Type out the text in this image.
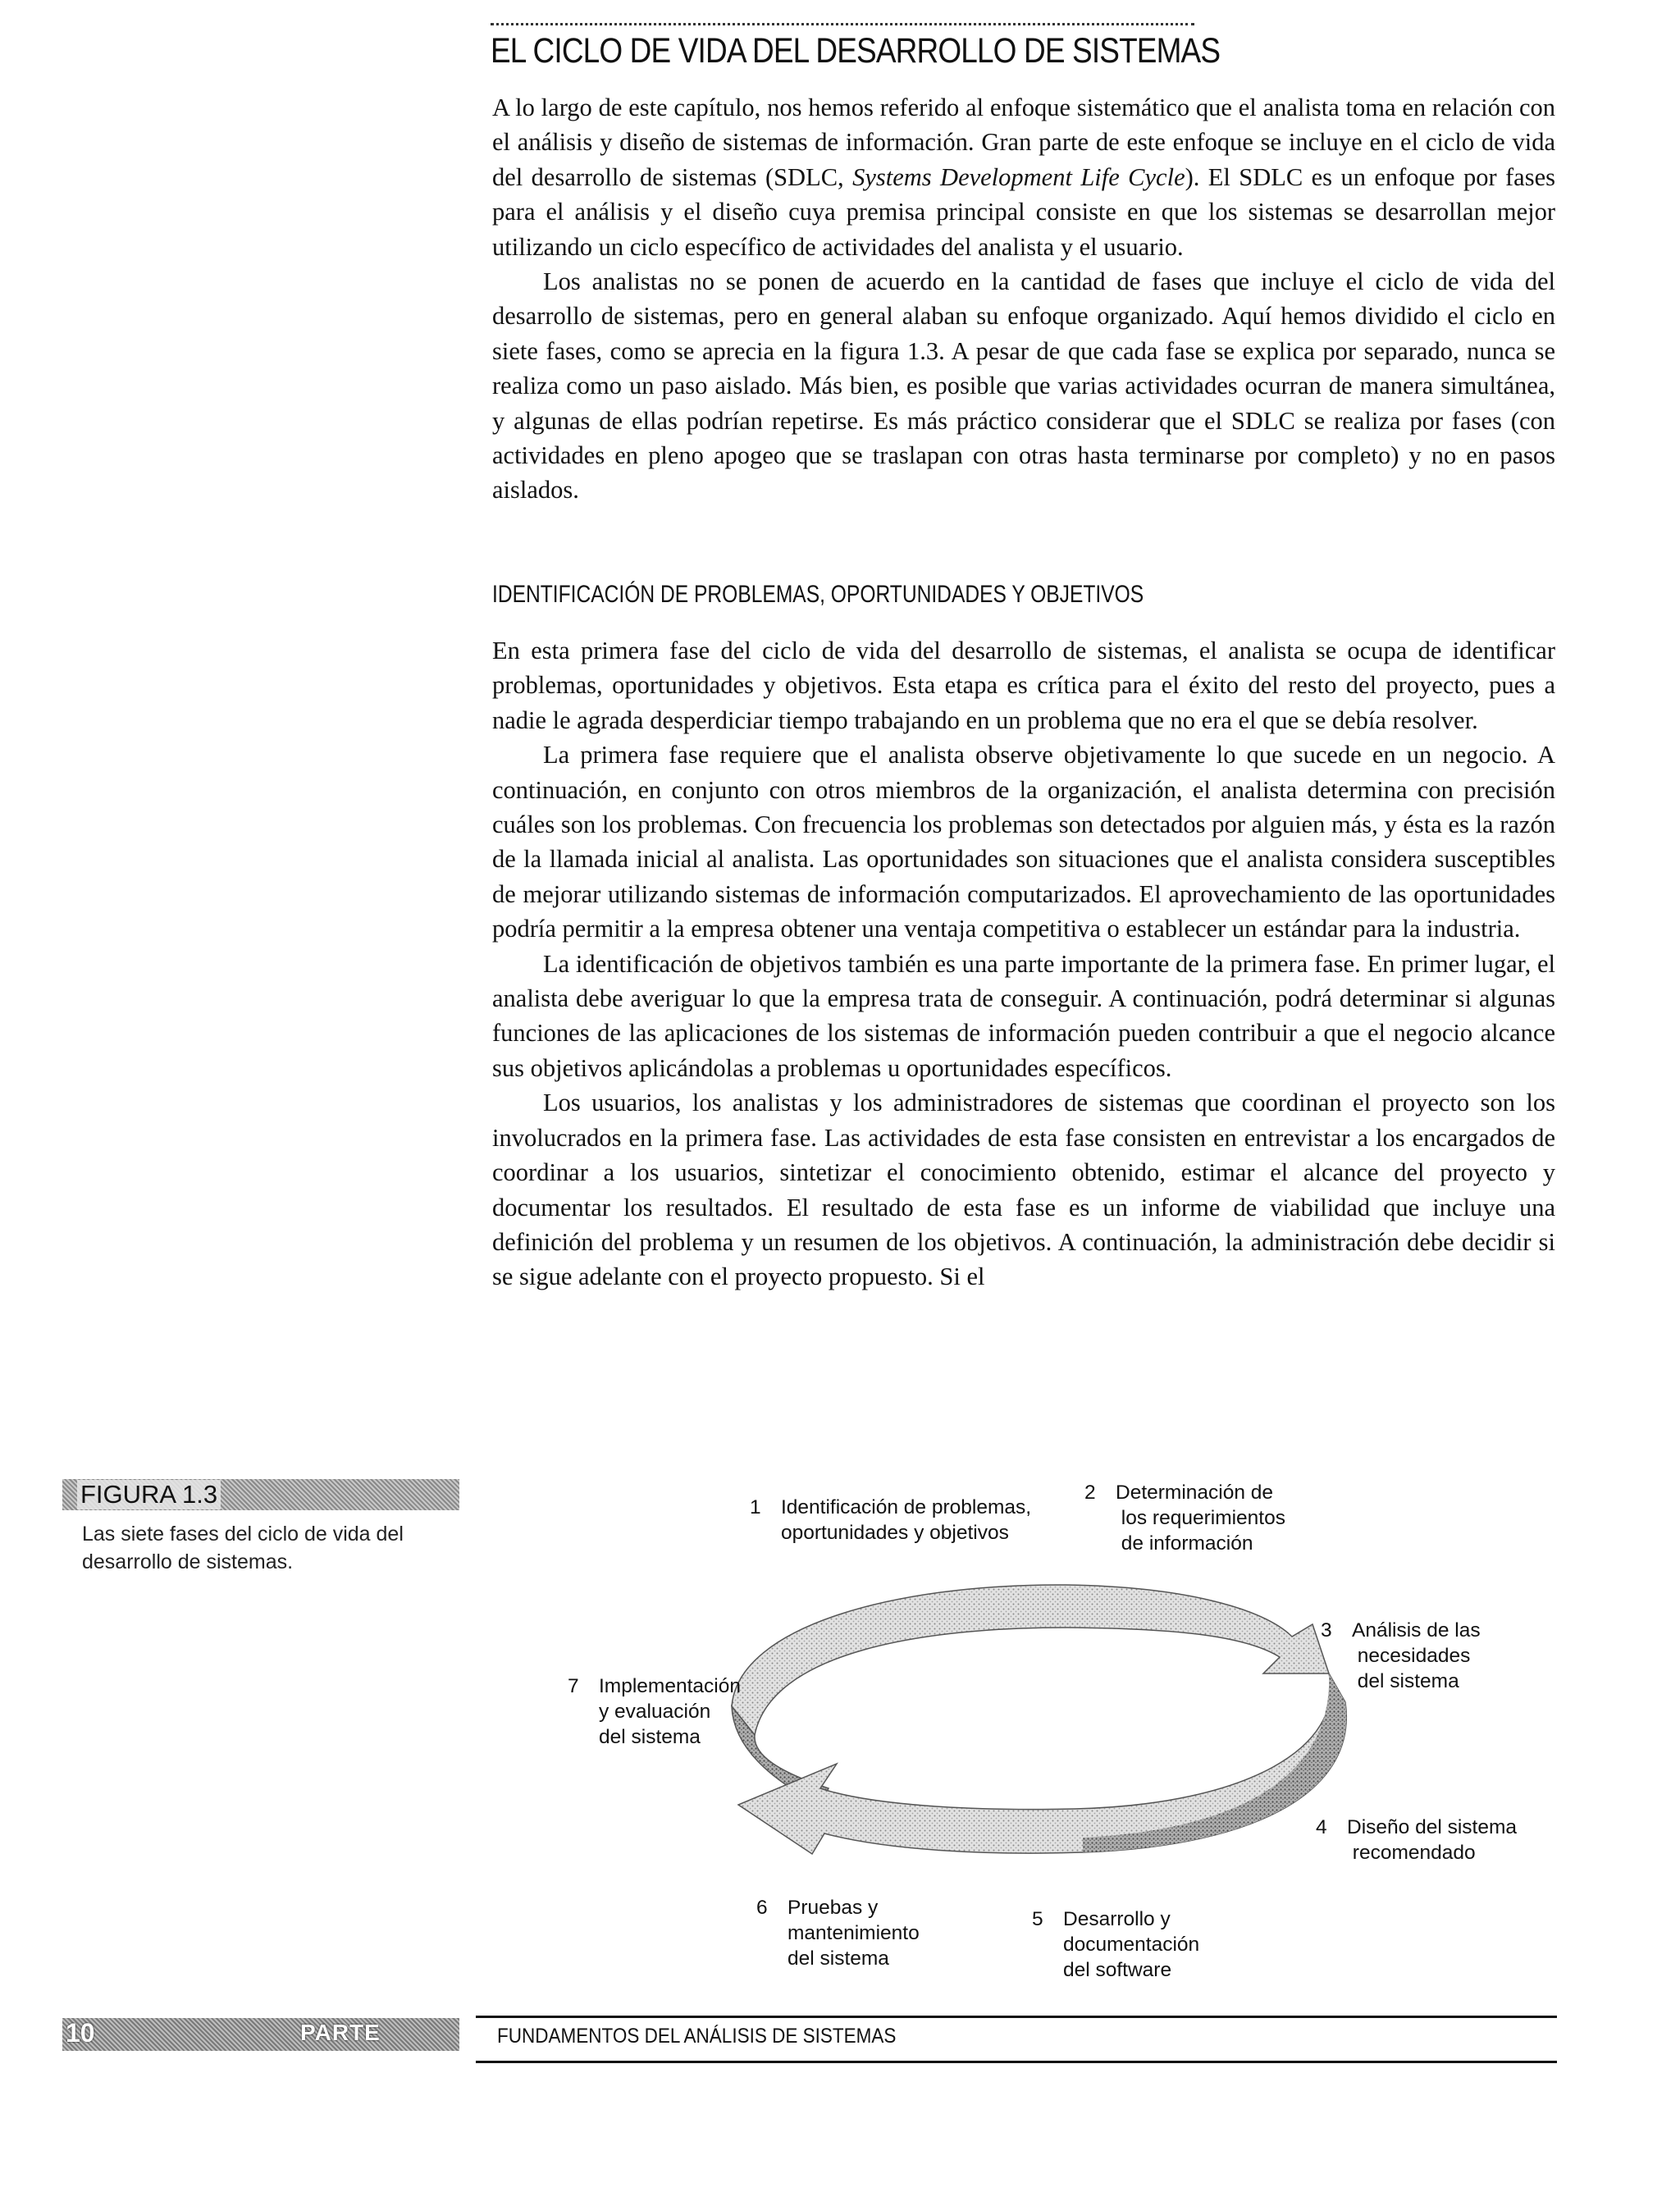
EL CICLO DE VIDA DEL DESARROLLO DE SISTEMAS

A lo largo de este capítulo, nos hemos referido al enfoque sistemático que el analista toma en relación con el análisis y diseño de sistemas de información. Gran parte de este enfoque se incluye en el ciclo de vida del desarrollo de sistemas (SDLC, Systems Development Life Cycle). El SDLC es un enfoque por fases para el análisis y el diseño cuya premisa principal consiste en que los sistemas se desarrollan mejor utilizando un ciclo específico de actividades del analista y el usuario.

Los analistas no se ponen de acuerdo en la cantidad de fases que incluye el ciclo de vida del desarrollo de sistemas, pero en general alaban su enfoque organizado. Aquí hemos dividido el ciclo en siete fases, como se aprecia en la figura 1.3. A pesar de que cada fase se explica por separado, nunca se realiza como un paso aislado. Más bien, es posible que varias actividades ocurran de manera simultánea, y algunas de ellas podrían repetirse. Es más práctico considerar que el SDLC se realiza por fases (con actividades en pleno apogeo que se traslapan con otras hasta terminarse por completo) y no en pasos aislados.

IDENTIFICACIÓN DE PROBLEMAS, OPORTUNIDADES Y OBJETIVOS

En esta primera fase del ciclo de vida del desarrollo de sistemas, el analista se ocupa de identificar problemas, oportunidades y objetivos. Esta etapa es crítica para el éxito del resto del proyecto, pues a nadie le agrada desperdiciar tiempo trabajando en un problema que no era el que se debía resolver.

La primera fase requiere que el analista observe objetivamente lo que sucede en un negocio. A continuación, en conjunto con otros miembros de la organización, el analista determina con precisión cuáles son los problemas. Con frecuencia los problemas son detectados por alguien más, y ésta es la razón de la llamada inicial al analista. Las oportunidades son situaciones que el analista considera susceptibles de mejorar utilizando sistemas de información computarizados. El aprovechamiento de las oportunidades podría permitir a la empresa obtener una ventaja competitiva o establecer un estándar para la industria.

La identificación de objetivos también es una parte importante de la primera fase. En primer lugar, el analista debe averiguar lo que la empresa trata de conseguir. A continuación, podrá determinar si algunas funciones de las aplicaciones de los sistemas de información pueden contribuir a que el negocio alcance sus objetivos aplicándolas a problemas u oportunidades específicos.

Los usuarios, los analistas y los administradores de sistemas que coordinan el proyecto son los involucrados en la primera fase. Las actividades de esta fase consisten en entrevistar a los encargados de coordinar a los usuarios, sintetizar el conocimiento obtenido, estimar el alcance del proyecto y documentar los resultados. El resultado de esta fase es un informe de viabilidad que incluye una definición del problema y un resumen de los objetivos. A continuación, la administración debe decidir si se sigue adelante con el proyecto propuesto. Si el

FIGURA 1.3
Las siete fases del ciclo de vida del desarrollo de sistemas.
1 Identificación de problemas,
oportunidades y objetivos
2 Determinación de
los requerimientos
de información
3 Análisis de las
necesidades
del sistema
4 Diseño del sistema
recomendado
5 Desarrollo y
documentación
del software
6 Pruebas y
mantenimiento
del sistema
7 Implementación
y evaluación
del sistema
10	PARTE	FUNDAMENTOS DEL ANÁLISIS DE SISTEMAS
